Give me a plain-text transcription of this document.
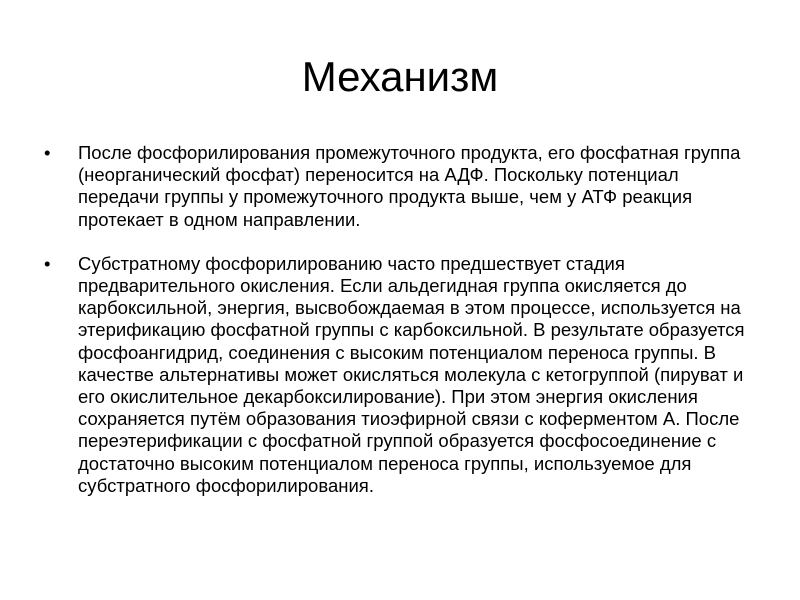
Механизм
•	После фосфорилирования промежуточного продукта, его фосфатная группа (неорганический фосфат) переносится на АДФ. Поскольку потенциал передачи группы у промежуточного продукта выше, чем у АТФ реакция протекает в одном направлении.
•	Субстратному фосфорилированию часто предшествует стадия предварительного окисления. Если альдегидная группа окисляется до карбоксильной, энергия, высвобождаемая в этом процессе, используется на этерификацию фосфатной группы с карбоксильной. В результате образуется фосфоангидрид, соединения с высоким потенциалом переноса группы. В качестве альтернативы может окисляться молекула с кетогруппой (пируват и его окислительное декарбоксилирование). При этом энергия окисления сохраняется путём образования тиоэфирной связи с коферментом A. После переэтерификации с фосфатной группой образуется фосфосоединение с достаточно высоким потенциалом переноса группы, используемое для субстратного фосфорилирования.
